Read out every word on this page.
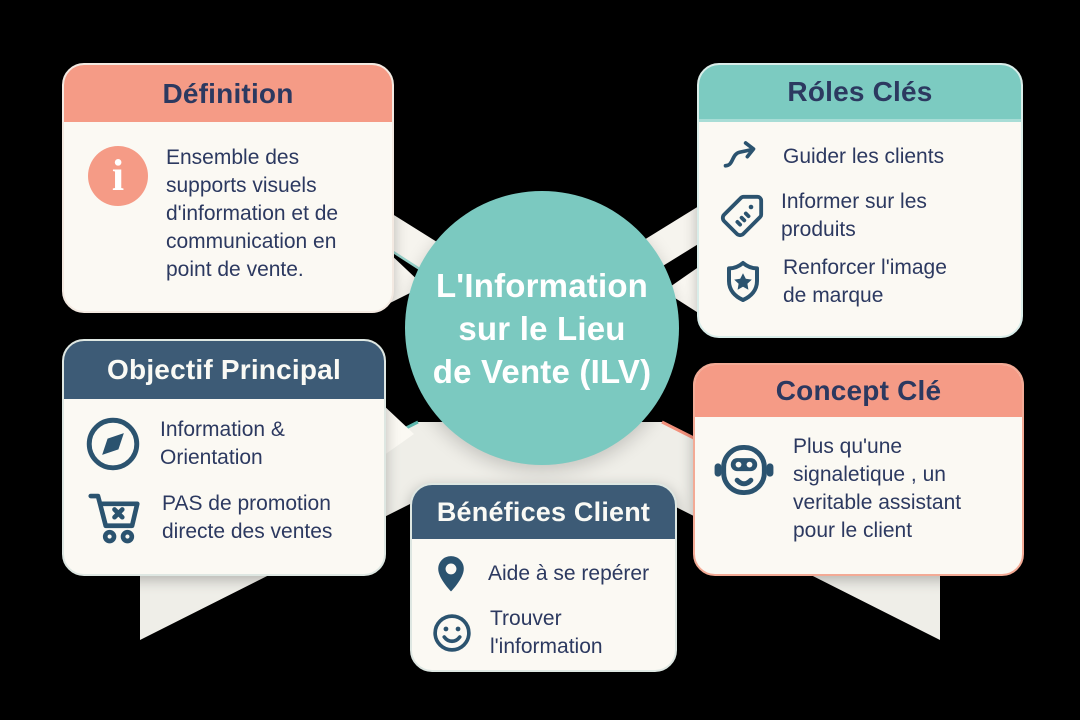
L'Information
sur le Lieu
de Vente (ILV)
Définition
i Ensemble des supports visuels d'information et de communication en point de vente.
Róles Clés
Guider les clients
Informer sur les produits
Renforcer l'image de marque
Objectif Principal
Information & Orientation
PAS de promotion directe des ventes
Bénéfices Client
Aide à se repérer
Trouver l'information
Concept Clé
Plus qu'une signaletique , un veritable assistant pour le client
